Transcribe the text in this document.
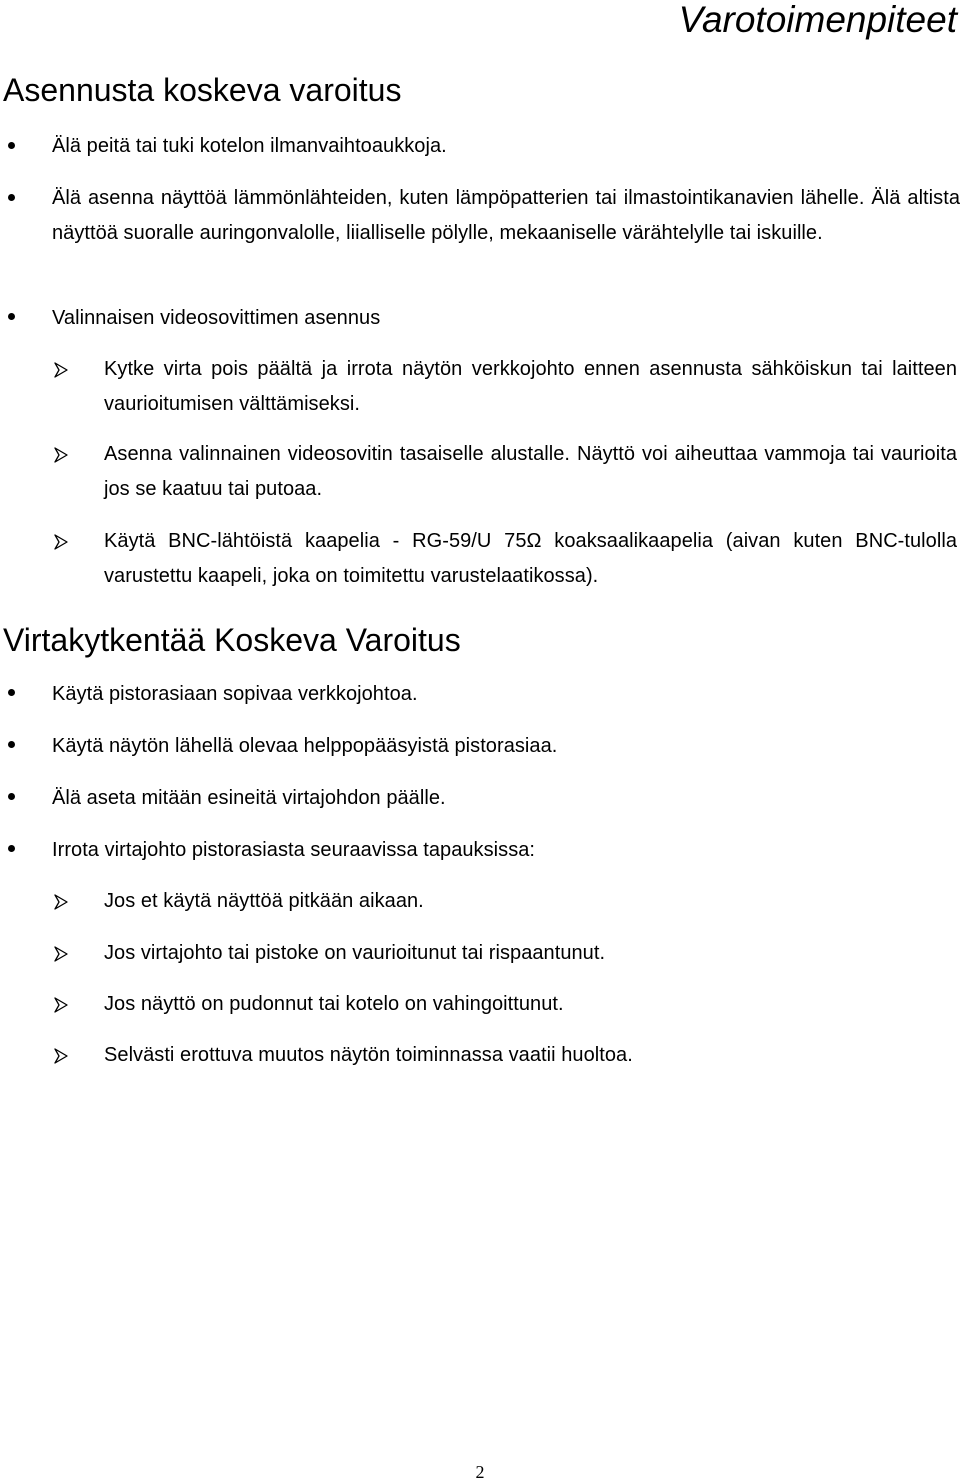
Varotoimenpiteet
Asennusta koskeva varoitus
Älä peitä tai tuki kotelon ilmanvaihtoaukkoja.
Älä asenna näyttöä lämmönlähteiden, kuten lämpöpatterien tai ilmastointikanavien lähelle. Älä altista näyttöä suoralle auringonvalolle, liialliselle pölylle, mekaaniselle värähtelylle tai iskuille.
Valinnaisen videosovittimen asennus
Kytke virta pois päältä ja irrota näytön verkkojohto ennen asennusta sähköiskun tai laitteen vaurioitumisen välttämiseksi.
Asenna valinnainen videosovitin tasaiselle alustalle. Näyttö voi aiheuttaa vammoja tai vaurioita jos se kaatuu tai putoaa.
Käytä BNC-lähtöistä kaapelia - RG-59/U 75Ω koaksaalikaapelia (aivan kuten BNC-tulolla varustettu kaapeli, joka on toimitettu varustelaatikossa).
Virtakytkentää Koskeva Varoitus
Käytä pistorasiaan sopivaa verkkojohtoa.
Käytä näytön lähellä olevaa helppopääsyistä pistorasiaa.
Älä aseta mitään esineitä virtajohdon päälle.
Irrota virtajohto pistorasiasta seuraavissa tapauksissa:
Jos et käytä näyttöä pitkään aikaan.
Jos virtajohto tai pistoke on vaurioitunut tai rispaantunut.
Jos näyttö on pudonnut tai kotelo on vahingoittunut.
Selvästi erottuva muutos näytön toiminnassa vaatii huoltoa.
2
